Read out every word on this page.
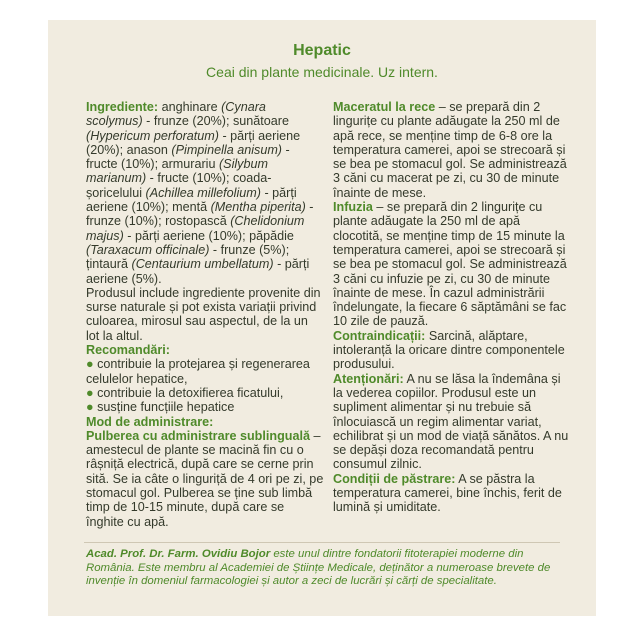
Hepatic
Ceai din plante medicinale. Uz intern.

Ingrediente: anghinare (Cynara scolymus) - frunze (20%); sunătoare (Hypericum perforatum) - părți aeriene (20%); anason (Pimpinella anisum) - fructe (10%); armurariu (Silybum marianum) - fructe (10%); coada-șoricelului (Achillea millefolium) - părți aeriene (10%); mentă (Mentha piperita) - frunze (10%); rostopască (Chelidonium majus) - părți aeriene (10%); păpădie (Taraxacum officinale) - frunze (5%); țintaură (Centaurium umbellatum) - părți aeriene (5%).

Produsul include ingrediente provenite din surse naturale și pot exista variații privind culoarea, mirosul sau aspectul, de la un lot la altul.

Recomandări:

● contribuie la protejarea și regenerarea celulelor hepatice,
● contribuie la detoxifierea ficatului,
● susține funcțiile hepatice

Mod de administrare:

Pulberea cu administrare sublinguală – amestecul de plante se macină fin cu o râșniță electrică, după care se cerne prin sită. Se ia câte o linguriță de 4 ori pe zi, pe stomacul gol. Pulberea se ține sub limbă timp de 10-15 minute, după care se înghite cu apă.

Maceratul la rece – se prepară din 2 lingurițe cu plante adăugate la 250 ml de apă rece, se menține timp de 6-8 ore la temperatura camerei, apoi se strecoară și se bea pe stomacul gol. Se administrează 3 căni cu macerat pe zi, cu 30 de minute înainte de mese.

Infuzia – se prepară din 2 lingurițe cu plante adăugate la 250 ml de apă clocotită, se menține timp de 15 minute la temperatura camerei, apoi se strecoară și se bea pe stomacul gol. Se administrează 3 căni cu infuzie pe zi, cu 30 de minute înainte de mese. În cazul administrării îndelungate, la fiecare 6 săptămâni se fac 10 zile de pauză.

Contraindicații: Sarcină, alăptare, intoleranță la oricare dintre componentele produsului.

Atenționări: A nu se lăsa la îndemâna și la vederea copiilor. Produsul este un supliment alimentar și nu trebuie să înlocuiască un regim alimentar variat, echilibrat și un mod de viață sănătos. A nu se depăși doza recomandată pentru consumul zilnic.

Condiții de păstrare: A se păstra la temperatura camerei, bine închis, ferit de lumină și umiditate.

Acad. Prof. Dr. Farm. Ovidiu Bojor este unul dintre fondatorii fitoterapiei moderne din România. Este membru al Academiei de Științe Medicale, deținător a numeroase brevete de invenție în domeniul farmacologiei și autor a zeci de lucrări și cărți de specialitate.
